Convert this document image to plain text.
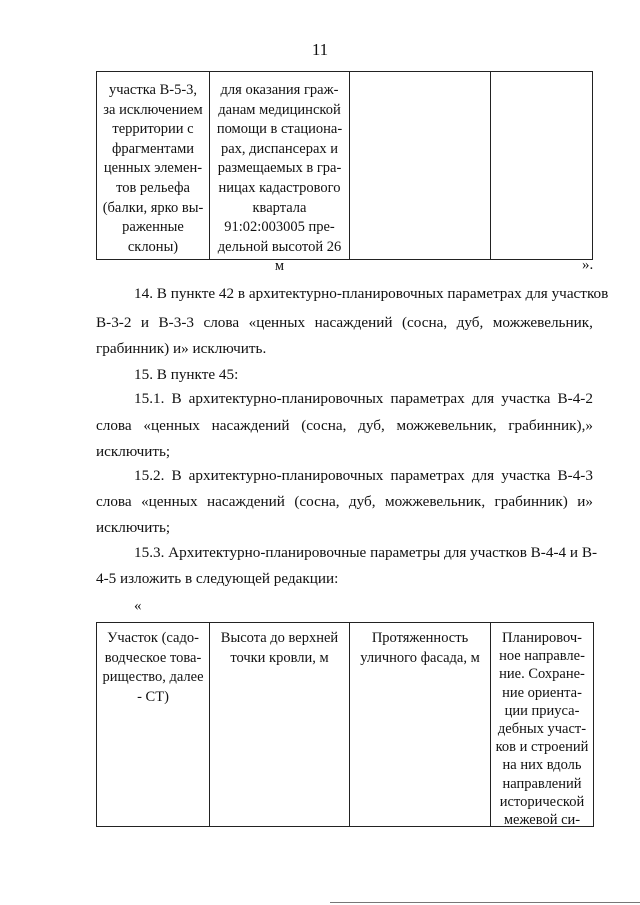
11
участка В-5-3,
за исключением
территории с
фрагментами
ценных элемен-
тов рельефа
(балки, ярко вы-
раженные
склоны)
для оказания граж-
данам медицинской
помощи в стациона-
рах, диспансерах и
размещаемых в гра-
ницах кадастрового
квартала
91:02:003005 пре-
дельной высотой 26
м	».
14. В пункте 42 в архитектурно-планировочных параметрах для участков
В-3-2 и В-3-3 слова «ценных насаждений (сосна, дуб, можжевельник,
грабинник) и» исключить.
15. В пункте 45:
15.1. В архитектурно-планировочных параметрах для участка В-4-2
слова «ценных насаждений (сосна, дуб, можжевельник, грабинник),»
исключить;
15.2. В архитектурно-планировочных параметрах для участка В-4-3
слова «ценных насаждений (сосна, дуб, можжевельник, грабинник) и»
исключить;
15.3. Архитектурно-планировочные параметры для участков В-4-4 и В-
4-5 изложить в следующей редакции:
«
Участок (садо-
водческое това-
рищество, далее
- СТ)
Высота до верхней
точки кровли, м
Протяженность
уличного фасада, м
Планировоч-
ное направле-
ние. Сохране-
ние ориента-
ции приуса-
дебных участ-
ков и строений
на них вдоль
направлений
исторической
межевой си-
